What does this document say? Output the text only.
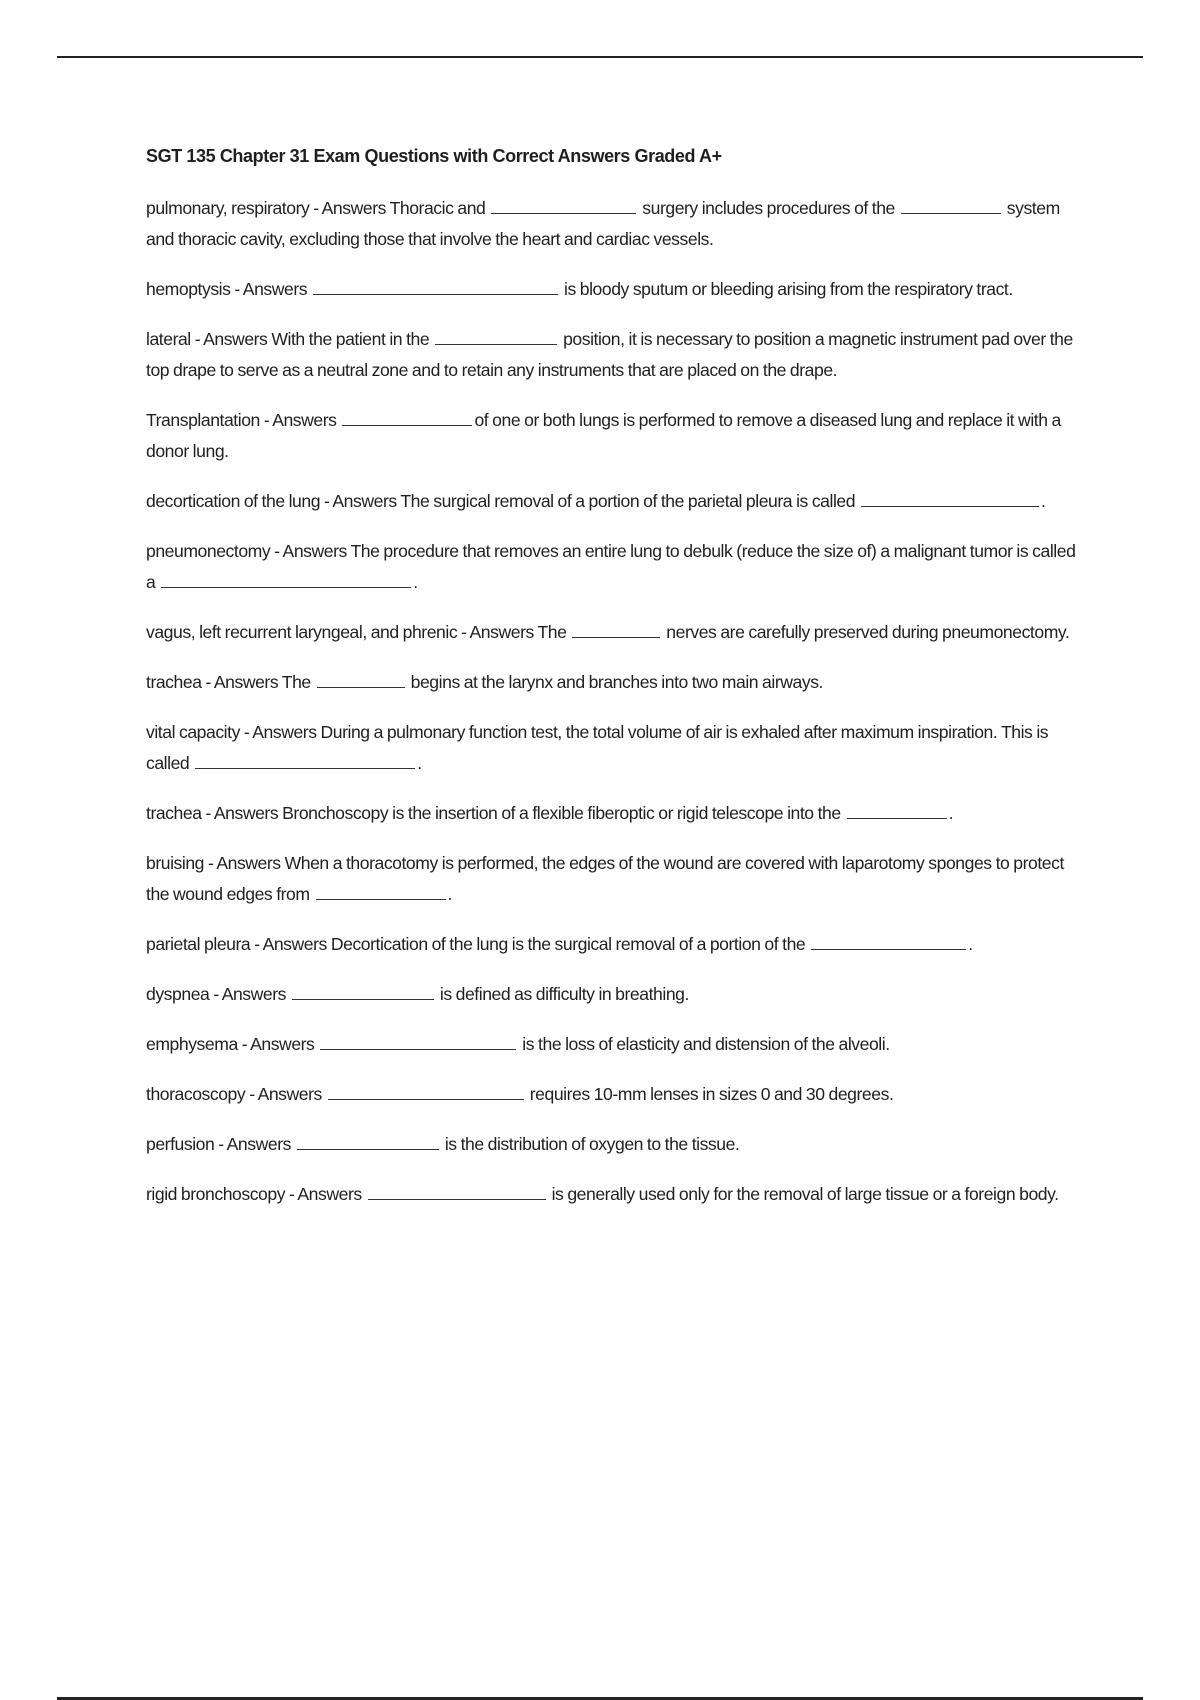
SGT 135 Chapter 31 Exam Questions with Correct Answers Graded A+

pulmonary, respiratory - Answers Thoracic and	surgery includes procedures of the	system and thoracic cavity, excluding those that involve the heart and cardiac vessels.

hemoptysis - Answers	is bloody sputum or bleeding arising from the respiratory tract.

lateral - Answers With the patient in the	position, it is necessary to position a magnetic instrument pad over the top drape to serve as a neutral zone and to retain any instruments that are placed on the drape.

Transplantation - Answers	of one or both lungs is performed to remove a diseased lung and replace it with a donor lung.

decortication of the lung - Answers The surgical removal of a portion of the parietal pleura is called	.

pneumonectomy - Answers The procedure that removes an entire lung to debulk (reduce the size of) a malignant tumor is called a	.

vagus, left recurrent laryngeal, and phrenic - Answers The	nerves are carefully preserved during pneumonectomy.

trachea - Answers The	begins at the larynx and branches into two main airways.

vital capacity - Answers During a pulmonary function test, the total volume of air is exhaled after maximum inspiration. This is called	.

trachea - Answers Bronchoscopy is the insertion of a flexible fiberoptic or rigid telescope into the	.

bruising - Answers When a thoracotomy is performed, the edges of the wound are covered with laparotomy sponges to protect the wound edges from	.

parietal pleura - Answers Decortication of the lung is the surgical removal of a portion of the	.

dyspnea - Answers	is defined as difficulty in breathing.

emphysema - Answers	is the loss of elasticity and distension of the alveoli.

thoracoscopy - Answers	requires 10-mm lenses in sizes 0 and 30 degrees.

perfusion - Answers	is the distribution of oxygen to the tissue.

rigid bronchoscopy - Answers	is generally used only for the removal of large tissue or a foreign body.
